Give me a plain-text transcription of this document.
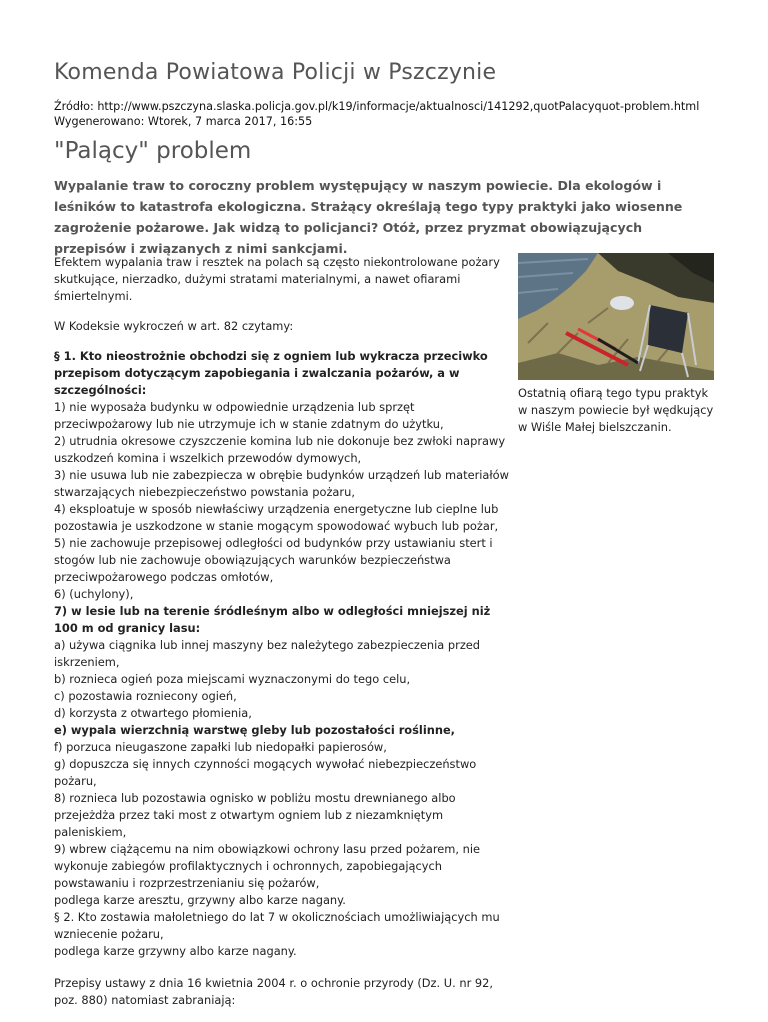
Komenda Powiatowa Policji w Pszczynie
Źródło: http://www.pszczyna.slaska.policja.gov.pl/k19/informacje/aktualnosci/141292,quotPalacyquot-problem.html
Wygenerowano: Wtorek, 7 marca 2017, 16:55
"Palący" problem

Wypalanie traw to coroczny problem występujący w naszym powiecie. Dla ekologów i leśników to katastrofa ekologiczna. Strażący określają tego typy praktyki jako wiosenne zagrożenie pożarowe. Jak widzą to policjanci? Otóż, przez pryzmat obowiązujących przepisów i związanych z nimi sankcjami.

Efektem wypalania traw i resztek na polach są często niekontrolowane pożary skutkujące, nierzadko, dużymi stratami materialnymi, a nawet ofiarami śmiertelnymi.

W Kodeksie wykroczeń w art. 82 czytamy:

§ 1. Kto nieostrożnie obchodzi się z ogniem lub wykracza przeciwko przepisom dotyczącym zapobiegania i zwalczania pożarów, a w szczególności:
1) nie wyposaża budynku w odpowiednie urządzenia lub sprzęt przeciwpożarowy lub nie utrzymuje ich w stanie zdatnym do użytku,
2) utrudnia okresowe czyszczenie komina lub nie dokonuje bez zwłoki naprawy uszkodzeń komina i wszelkich przewodów dymowych,
3) nie usuwa lub nie zabezpiecza w obrębie budynków urządzeń lub materiałów stwarzających niebezpieczeństwo powstania pożaru,
4) eksploatuje w sposób niewłaściwy urządzenia energetyczne lub cieplne lub pozostawia je uszkodzone w stanie mogącym spowodować wybuch lub pożar,
5) nie zachowuje przepisowej odległości od budynków przy ustawianiu stert i stogów lub nie zachowuje obowiązujących warunków bezpieczeństwa przeciwpożarowego podczas omłotów,
6) (uchylony),
7) w lesie lub na terenie śródleśnym albo w odległości mniejszej niż 100 m od granicy lasu:
a) używa ciągnika lub innej maszyny bez należytego zabezpieczenia przed iskrzeniem,
b) roznieca ogień poza miejscami wyznaczonymi do tego celu,
c) pozostawia rozniecony ogień,
d) korzysta z otwartego płomienia,
e) wypala wierzchnią warstwę gleby lub pozostałości roślinne,
f) porzuca nieugaszone zapałki lub niedopałki papierosów,
g) dopuszcza się innych czynności mogących wywołać niebezpieczeństwo pożaru,
8) roznieca lub pozostawia ognisko w pobliżu mostu drewnianego albo przejeżdża przez taki most z otwartym ogniem lub z niezamkniętym paleniskiem,
9) wbrew ciążącemu na nim obowiązkowi ochrony lasu przed pożarem, nie wykonuje zabiegów profilaktycznych i ochronnych, zapobiegających powstawaniu i rozprzestrzenianiu się pożarów,
podlega karze aresztu, grzywny albo karze nagany.
§ 2. Kto zostawia małoletniego do lat 7 w okolicznościach umożliwiających mu wzniecenie pożaru,
podlega karze grzywny albo karze nagany.

Przepisy ustawy z dnia 16 kwietnia 2004 r. o ochronie przyrody (Dz. U. nr 92, poz. 880) natomiast zabraniają:

Ostatnią ofiarą tego typu praktyk w naszym powiecie był wędkujący w Wiśle Małej bielszczanin.
